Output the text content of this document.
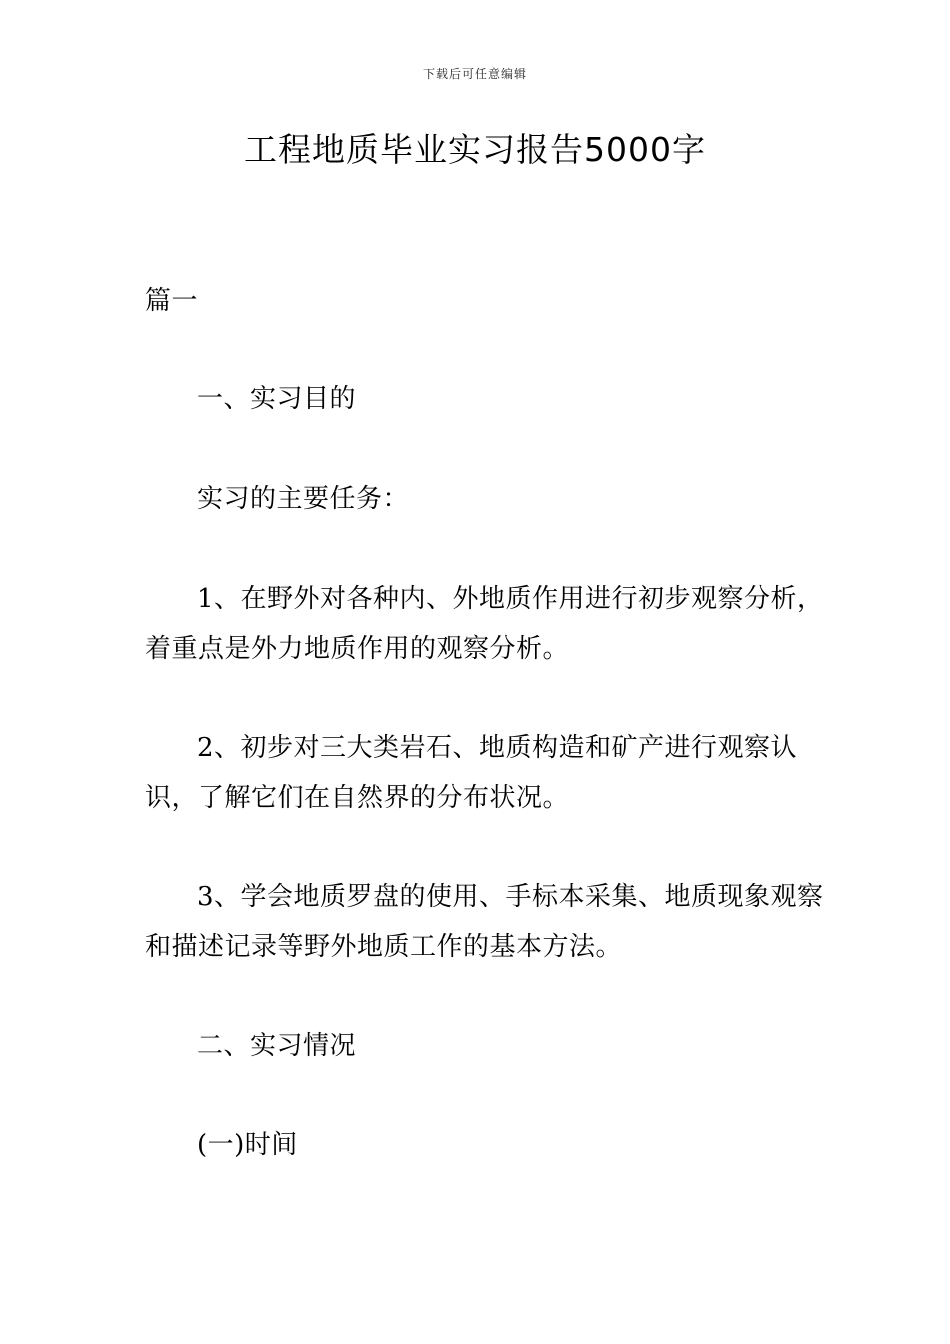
下载后可任意编辑
工程地质毕业实习报告5000字

篇一

一、实习目的

实习的主要任务：

1、在野外对各种内、外地质作用进行初步观察分析，着重点是外力地质作用的观察分析。

2、初步对三大类岩石、地质构造和矿产进行观察认识，了解它们在自然界的分布状况。

3、学会地质罗盘的使用、手标本采集、地质现象观察和描述记录等野外地质工作的基本方法。

二、实习情况

(一)时间
